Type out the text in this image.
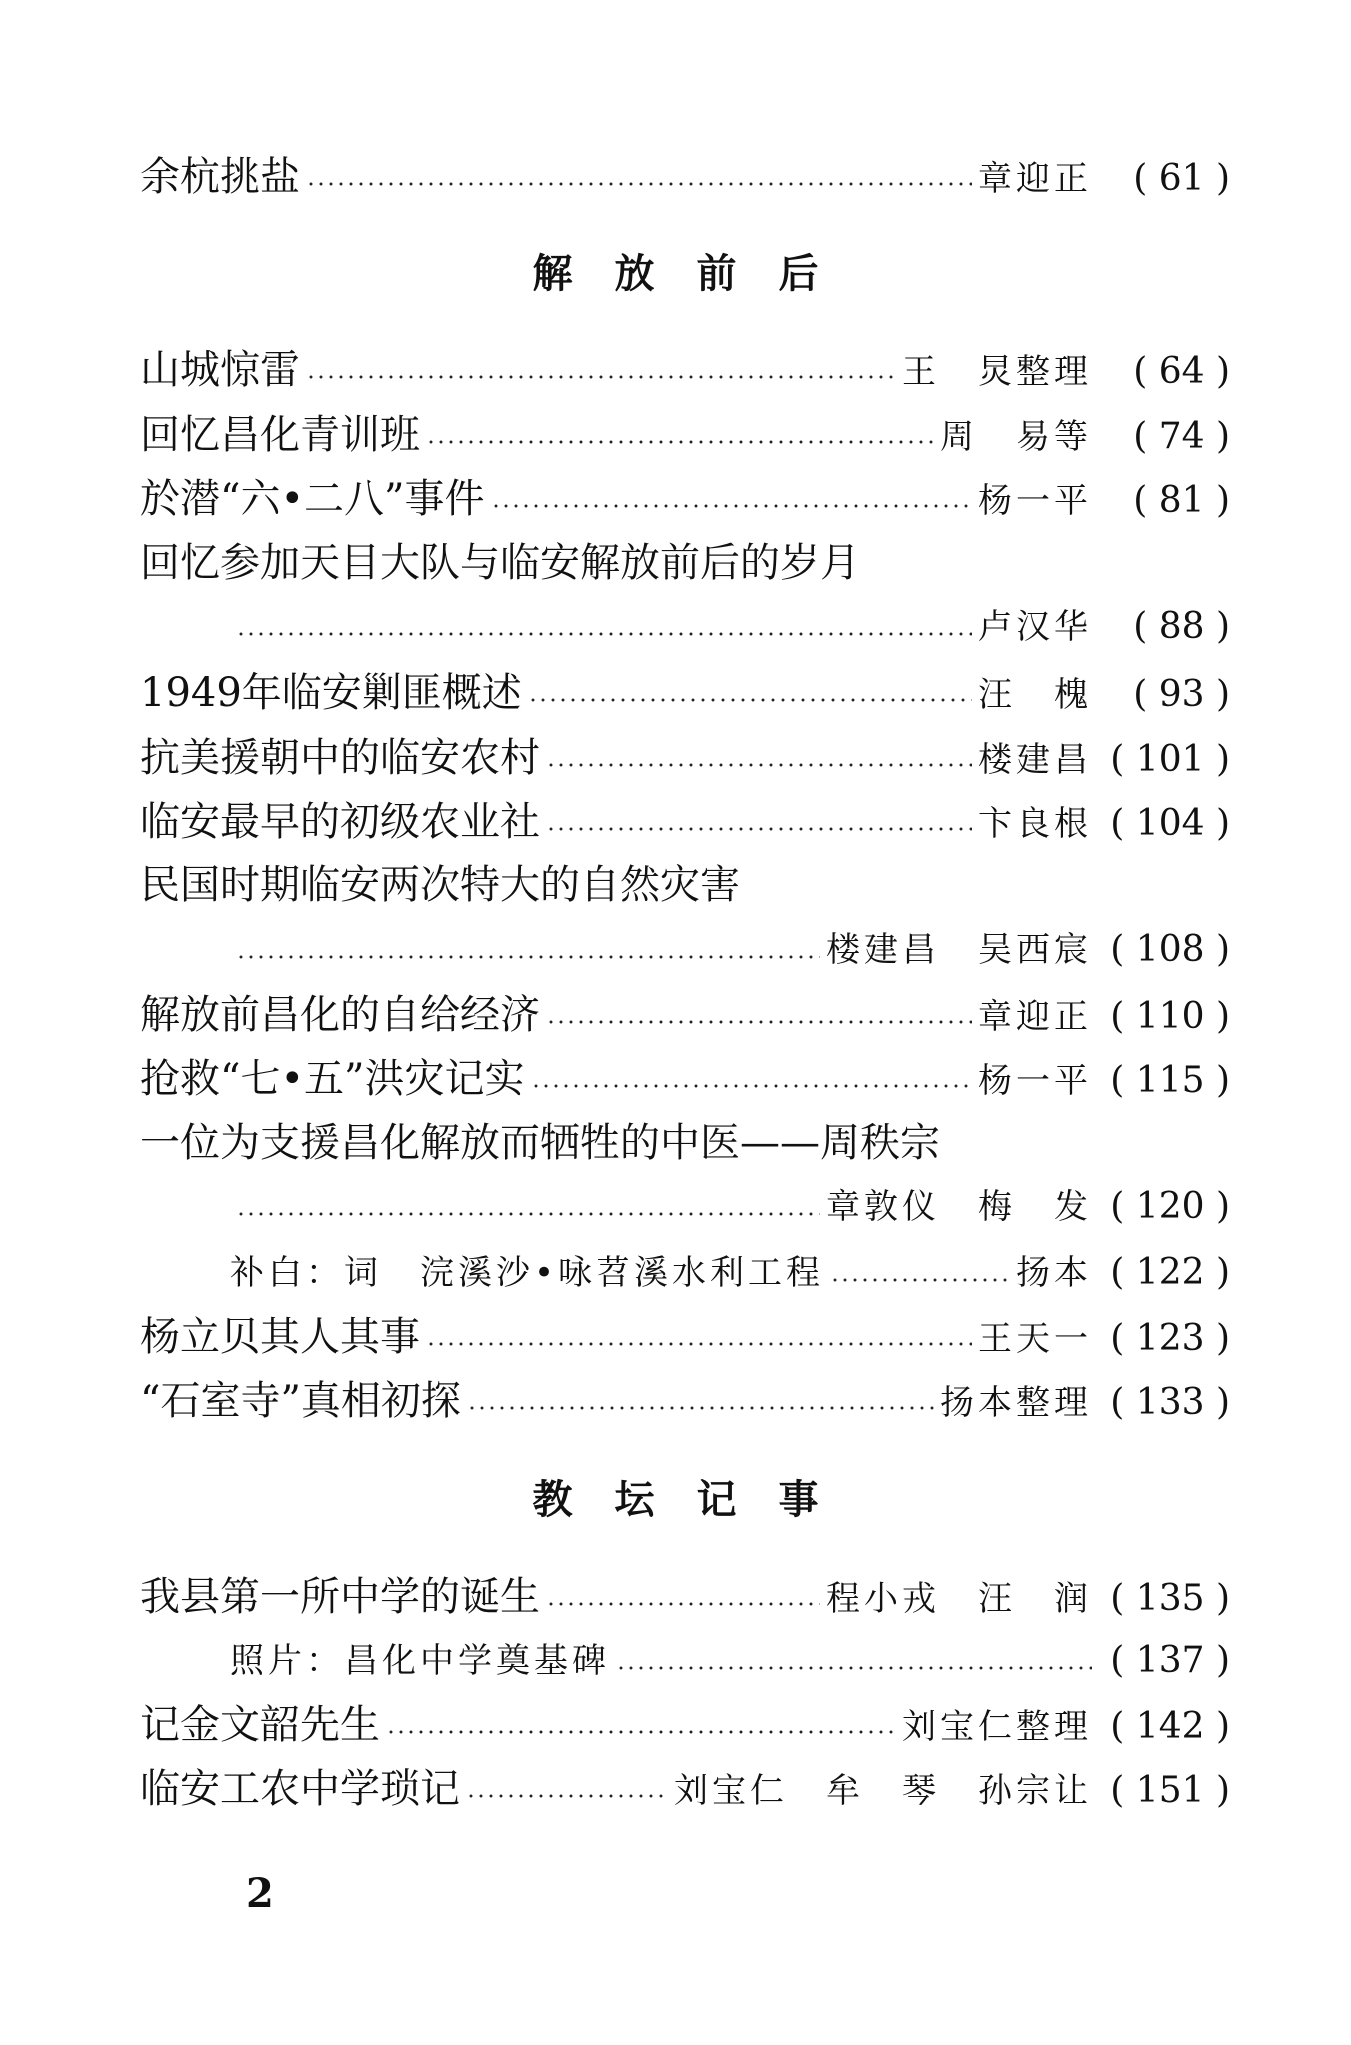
余杭挑盐	章迎正	( 61 )
解放前后
山城惊雷	王　炅整理	( 64 )
回忆昌化青训班	周　易等	( 74 )
於潜“六•二八”事件	杨一平	( 81 )
回忆参加天目大队与临安解放前后的岁月
卢汉华	( 88 )
1949年临安剿匪概述	汪　槐	( 93 )
抗美援朝中的临安农村	楼建昌 ( 101 )
临安最早的初级农业社	卞良根 ( 104 )
民国时期临安两次特大的自然灾害
楼建昌　吴西宸 ( 108 )
解放前昌化的自给经济	章迎正 ( 110 )
抢救“七•五”洪灾记实	杨一平 ( 115 )
一位为支援昌化解放而牺牲的中医——周秩宗
章敦仪　梅　发 ( 120 )
补白：词　浣溪沙•咏苕溪水利工程	扬本 ( 122 )
杨立贝其人其事	王天一 ( 123 )
“石室寺”真相初探	扬本整理 ( 133 )
教坛记事
我县第一所中学的诞生	程小戎　汪　润 ( 135 )
照片：昌化中学奠基碑	( 137 )
记金文韶先生	刘宝仁整理 ( 142 )
临安工农中学琐记	刘宝仁　牟　琴　孙宗让 ( 151 )
2
